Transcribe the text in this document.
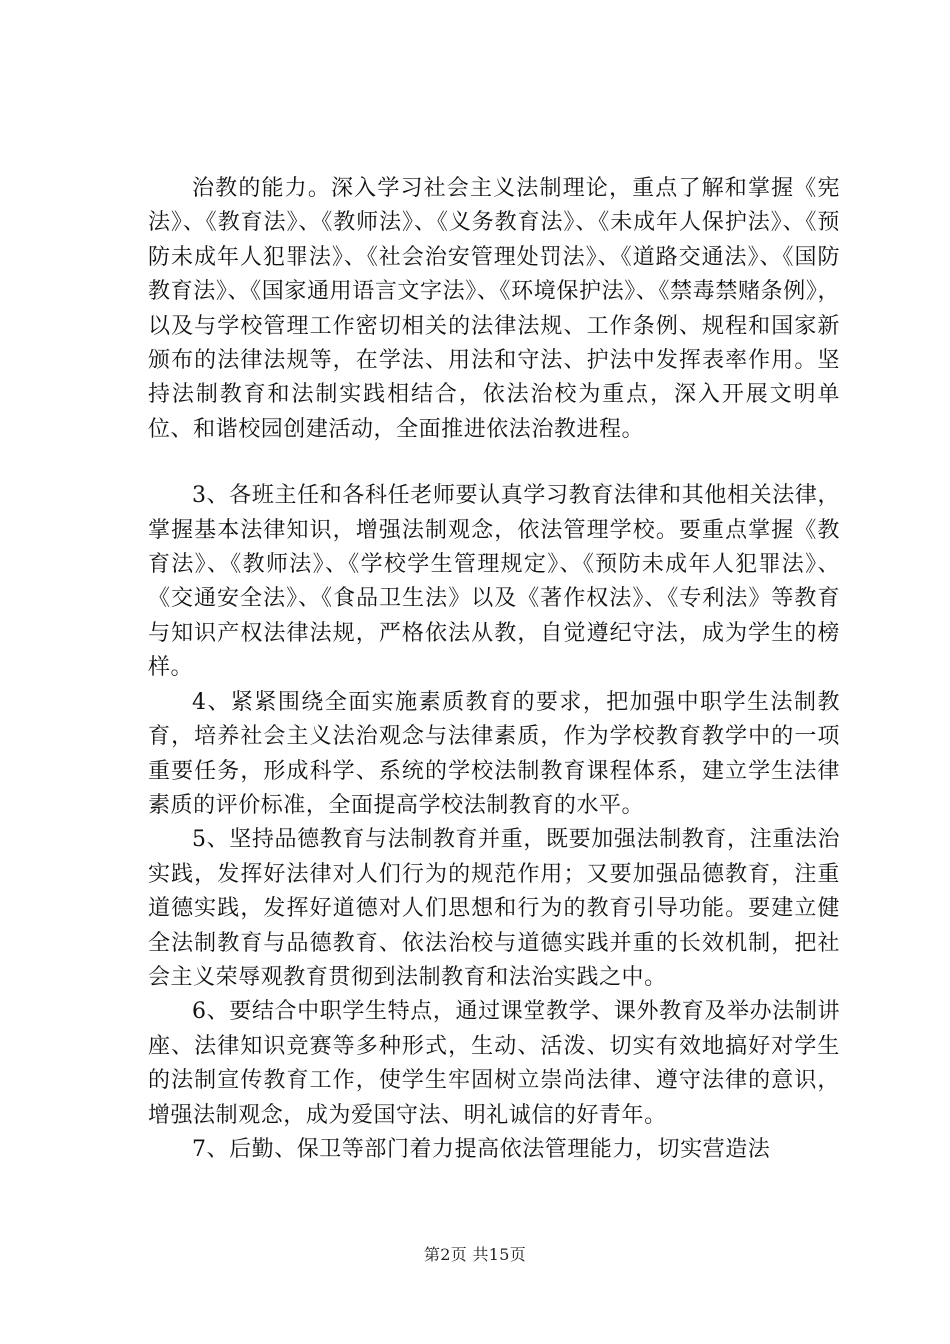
治教的能力。深入学习社会主义法制理论，重点了解和掌握《宪法》、《教育法》、《教师法》、《义务教育法》、《未成年人保护法》、《预防未成年人犯罪法》、《社会治安管理处罚法》、《道路交通法》、《国防教育法》、《国家通用语言文字法》、《环境保护法》、《禁毒禁赌条例》，以及与学校管理工作密切相关的法律法规、工作条例、规程和国家新颁布的法律法规等，在学法、用法和守法、护法中发挥表率作用。坚持法制教育和法制实践相结合，依法治校为重点，深入开展文明单位、和谐校园创建活动，全面推进依法治教进程。

3、各班主任和各科任老师要认真学习教育法律和其他相关法律，掌握基本法律知识，增强法制观念，依法管理学校。要重点掌握《教育法》、《教师法》、《学校学生管理规定》、《预防未成年人犯罪法》、《交通安全法》、《食品卫生法》以及《著作权法》、《专利法》等教育与知识产权法律法规，严格依法从教，自觉遵纪守法，成为学生的榜样。

4、紧紧围绕全面实施素质教育的要求，把加强中职学生法制教育，培养社会主义法治观念与法律素质，作为学校教育教学中的一项重要任务，形成科学、系统的学校法制教育课程体系，建立学生法律素质的评价标准，全面提高学校法制教育的水平。

5、坚持品德教育与法制教育并重，既要加强法制教育，注重法治实践，发挥好法律对人们行为的规范作用；又要加强品德教育，注重道德实践，发挥好道德对人们思想和行为的教育引导功能。要建立健全法制教育与品德教育、依法治校与道德实践并重的长效机制，把社会主义荣辱观教育贯彻到法制教育和法治实践之中。

6、要结合中职学生特点，通过课堂教学、课外教育及举办法制讲座、法律知识竞赛等多种形式，生动、活泼、切实有效地搞好对学生的法制宣传教育工作，使学生牢固树立崇尚法律、遵守法律的意识，增强法制观念，成为爱国守法、明礼诚信的好青年。

7、后勤、保卫等部门着力提高依法管理能力，切实营造法

第2页 共15页
